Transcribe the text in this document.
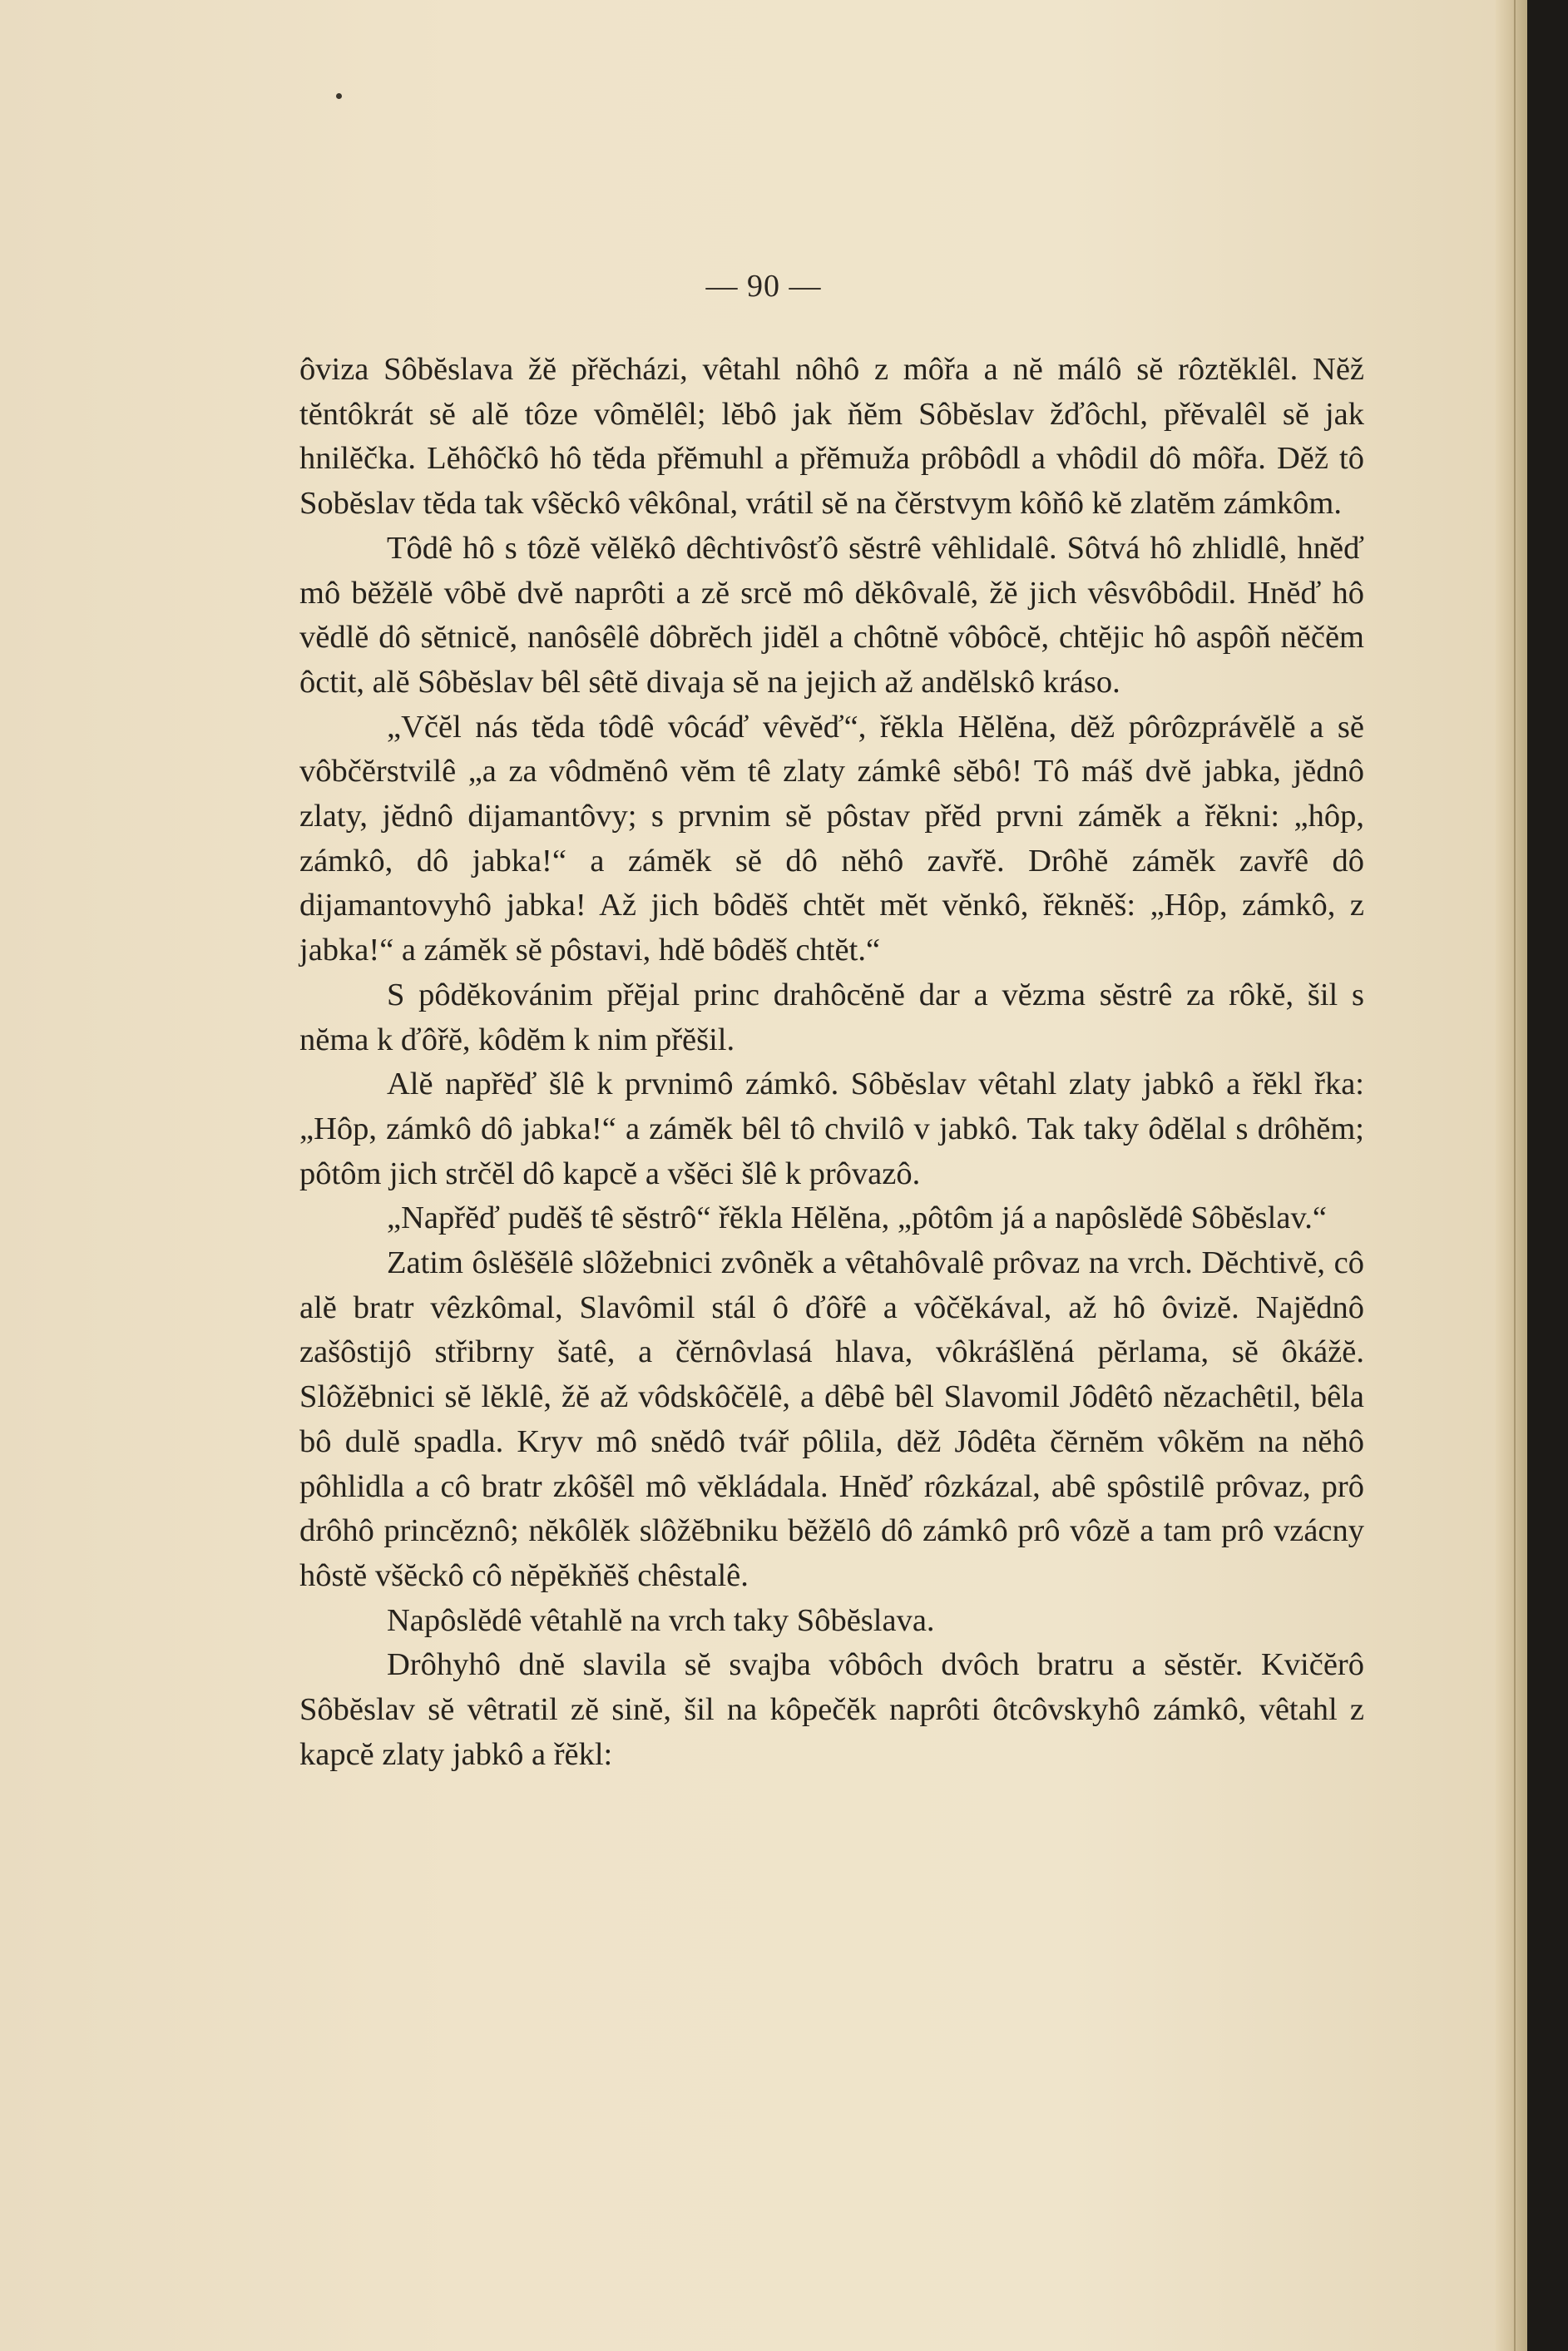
— 90 —

ôviza Sôbĕslava žĕ přĕcházi, vêtahl nôhô z môřa a nĕ málô sĕ rôztĕklêl. Nĕž tĕntôkrát sĕ alĕ tôze vômĕlêl; lĕbô jak ňĕm Sôbĕslav žďôchl, přĕvalêl sĕ jak hnilĕčka. Lĕhôčkô hô tĕda přĕmuhl a přĕmuža prôbôdl a vhôdil dô môřa. Dĕž tô Sobĕslav tĕda tak vŝĕckô vêkônal, vrátil sĕ na čĕrstvym kôňô kĕ zlatĕm zámkôm.

Tôdê hô s tôzĕ vĕlĕkô dêchtivôsťô sĕstrê vêhlidalê. Sôtvá hô zhlidlê, hnĕď mô bĕžĕlĕ vôbĕ dvĕ naprôti a zĕ srcĕ mô dĕkôvalê, žĕ jich vêsvôbôdil. Hnĕď hô vĕdlĕ dô sĕtnicĕ, nanôsêlê dôbrĕch jidĕl a chôtnĕ vôbôcĕ, chtĕjic hô aspôň nĕčĕm ôctit, alĕ Sôbĕslav bêl sêtĕ divaja sĕ na jejich až andĕlskô kráso.

„Včĕl nás tĕda tôdê vôcáď vêvĕď“, řĕkla Hĕlĕna, dĕž pôrôzprávĕlĕ a sĕ vôbčĕrstvilê „a za vôdmĕnô vĕm tê zlaty zámkê sĕbô! Tô máš dvĕ jabka, jĕdnô zlaty, jĕdnô dijamantôvy; s prvnim sĕ pôstav přĕd prvni zámĕk a řĕkni: „hôp, zámkô, dô jabka!“ a zámĕk sĕ dô nĕhô zavřĕ. Drôhĕ zámĕk zavřê dô dijamantovyhô jabka! Až jich bôdĕš chtĕt mĕt vĕnkô, řĕknĕš: „Hôp, zámkô, z jabka!“ a zámĕk sĕ pôstavi, hdĕ bôdĕš chtĕt.“

S pôdĕkovánim přĕjal princ drahôcĕnĕ dar a vĕzma sĕstrê za rôkĕ, šil s nĕma k ďôřĕ, kôdĕm k nim přĕšil.

Alĕ napřĕď šlê k prvnimô zámkô. Sôbĕslav vêtahl zlaty jabkô a řĕkl řka: „Hôp, zámkô dô jabka!“ a zámĕk bêl tô chvilô v jabkô. Tak taky ôdĕlal s drôhĕm; pôtôm jich strčĕl dô kapcĕ a všĕci šlê k prôvazô.

„Napřĕď pudĕš tê sĕstrô“ řĕkla Hĕlĕna, „pôtôm já a napôslĕdê Sôbĕslav.“

Zatim ôslĕšĕlê slôžebnici zvônĕk a vêtahôvalê prôvaz na vrch. Dĕchtivĕ, cô alĕ bratr vêzkômal, Slavômil stál ô ďôřê a vôčĕkával, až hô ôvizĕ. Najĕdnô zašôstijô střibrny šatê, a čĕrnôvlasá hlava, vôkrášlĕná pĕrlama, sĕ ôkážĕ. Slôžĕbnici sĕ lĕklê, žĕ až vôdskôčĕlê, a dêbê bêl Slavomil Jôdêtô nĕzachêtil, bêla bô dulĕ spadla. Kryv mô snĕdô tvář pôlila, dĕž Jôdêta čĕrnĕm vôkĕm na nĕhô pôhlidla a cô bratr zkôšêl mô vĕkládala. Hnĕď rôzkázal, abê spôstilê prôvaz, prô drôhô princĕznô; nĕkôlĕk slôžĕbniku bĕžĕlô dô zámkô prô vôzĕ a tam prô vzácny hôstĕ všĕckô cô nĕpĕkňĕš chêstalê.

Napôslĕdê vêtahlĕ na vrch taky Sôbĕslava.

Drôhyhô dnĕ slavila sĕ svajba vôbôch dvôch bratru a sĕstĕr. Kvičĕrô Sôbĕslav sĕ vêtratil zĕ sinĕ, šil na kôpečĕk naprôti ôtcôvskyhô zámkô, vêtahl z kapcĕ zlaty jabkô a řĕkl:
